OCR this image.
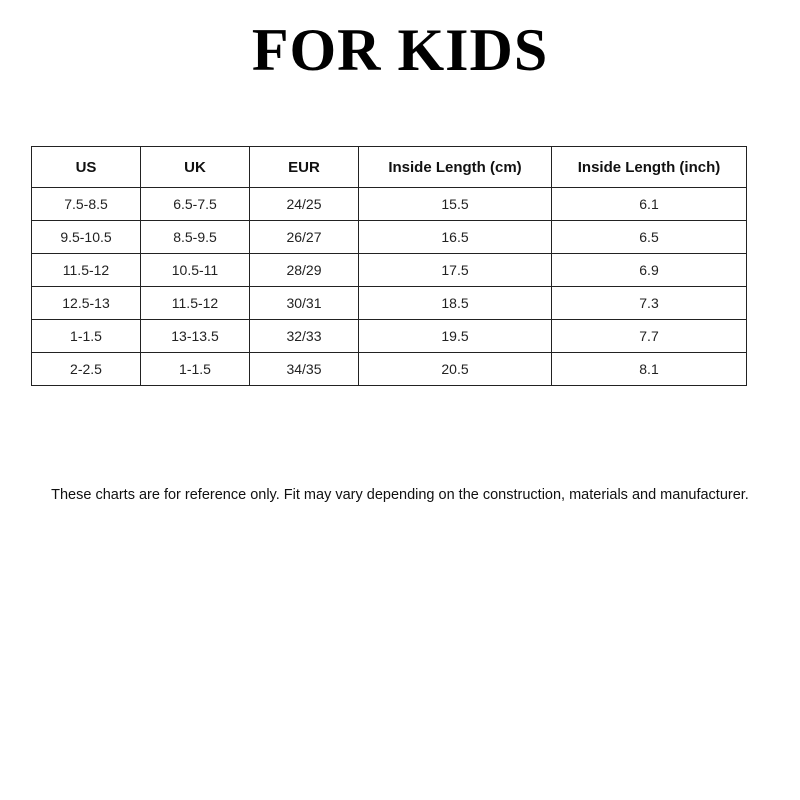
FOR KIDS
US	UK	EUR	Inside Length (cm)	Inside Length (inch)
7.5-8.5	6.5-7.5	24/25	15.5	6.1
9.5-10.5	8.5-9.5	26/27	16.5	6.5
11.5-12	10.5-11	28/29	17.5	6.9
12.5-13	11.5-12	30/31	18.5	7.3
1-1.5	13-13.5	32/33	19.5	7.7
2-2.5	1-1.5	34/35	20.5	8.1
These charts are for reference only. Fit may vary depending on the construction, materials and manufacturer.
